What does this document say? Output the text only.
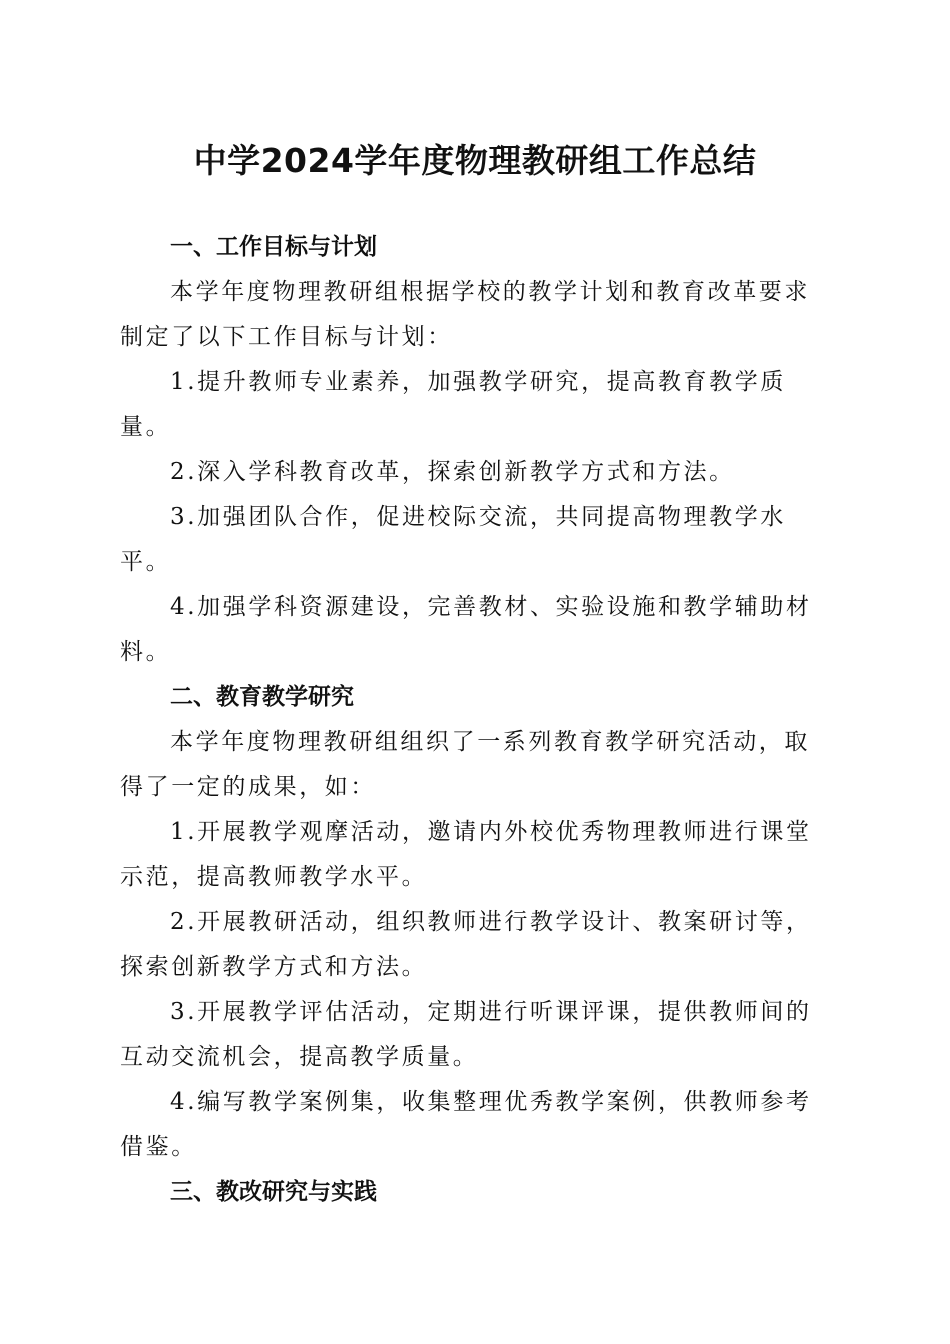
中学2024学年度物理教研组工作总结
一、工作目标与计划

本学年度物理教研组根据学校的教学计划和教育改革要求制定了以下工作目标与计划：

1.提升教师专业素养，加强教学研究，提高教育教学质量。

2.深入学科教育改革，探索创新教学方式和方法。

3.加强团队合作，促进校际交流，共同提高物理教学水平。

4.加强学科资源建设，完善教材、实验设施和教学辅助材料。

二、教育教学研究

本学年度物理教研组组织了一系列教育教学研究活动，取得了一定的成果，如：

1.开展教学观摩活动，邀请内外校优秀物理教师进行课堂示范，提高教师教学水平。

2.开展教研活动，组织教师进行教学设计、教案研讨等，探索创新教学方式和方法。

3.开展教学评估活动，定期进行听课评课，提供教师间的互动交流机会，提高教学质量。

4.编写教学案例集，收集整理优秀教学案例，供教师参考借鉴。

三、教改研究与实践
